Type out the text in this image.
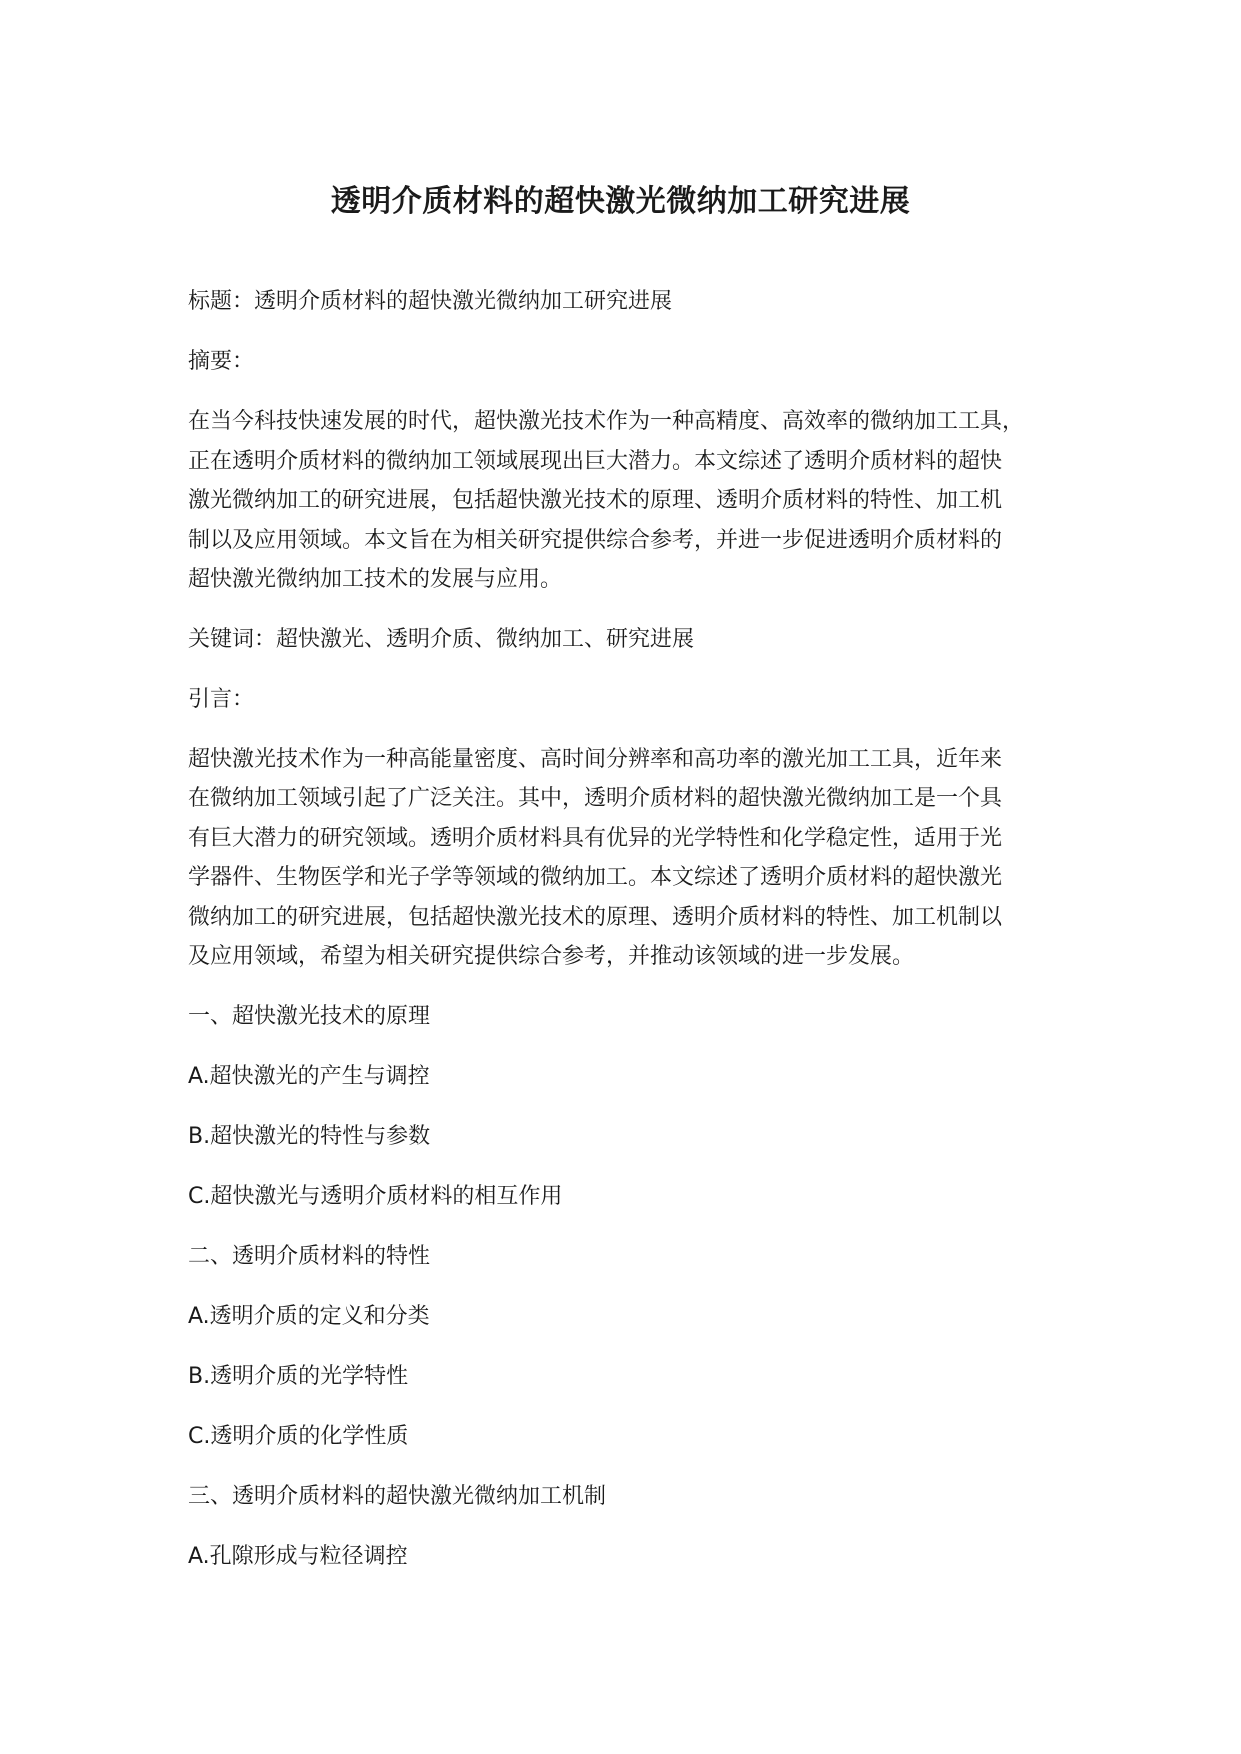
透明介质材料的超快激光微纳加工研究进展

标题：透明介质材料的超快激光微纳加工研究进展

摘要：

在当今科技快速发展的时代，超快激光技术作为一种高精度、高效率的微纳加工工具，
正在透明介质材料的微纳加工领域展现出巨大潜力。本文综述了透明介质材料的超快
激光微纳加工的研究进展，包括超快激光技术的原理、透明介质材料的特性、加工机
制以及应用领域。本文旨在为相关研究提供综合参考，并进一步促进透明介质材料的
超快激光微纳加工技术的发展与应用。

关键词：超快激光、透明介质、微纳加工、研究进展

引言：

超快激光技术作为一种高能量密度、高时间分辨率和高功率的激光加工工具，近年来
在微纳加工领域引起了广泛关注。其中，透明介质材料的超快激光微纳加工是一个具
有巨大潜力的研究领域。透明介质材料具有优异的光学特性和化学稳定性，适用于光
学器件、生物医学和光子学等领域的微纳加工。本文综述了透明介质材料的超快激光
微纳加工的研究进展，包括超快激光技术的原理、透明介质材料的特性、加工机制以
及应用领域，希望为相关研究提供综合参考，并推动该领域的进一步发展。

一、超快激光技术的原理

A.超快激光的产生与调控

B.超快激光的特性与参数

C.超快激光与透明介质材料的相互作用

二、透明介质材料的特性

A.透明介质的定义和分类

B.透明介质的光学特性

C.透明介质的化学性质

三、透明介质材料的超快激光微纳加工机制

A.孔隙形成与粒径调控
